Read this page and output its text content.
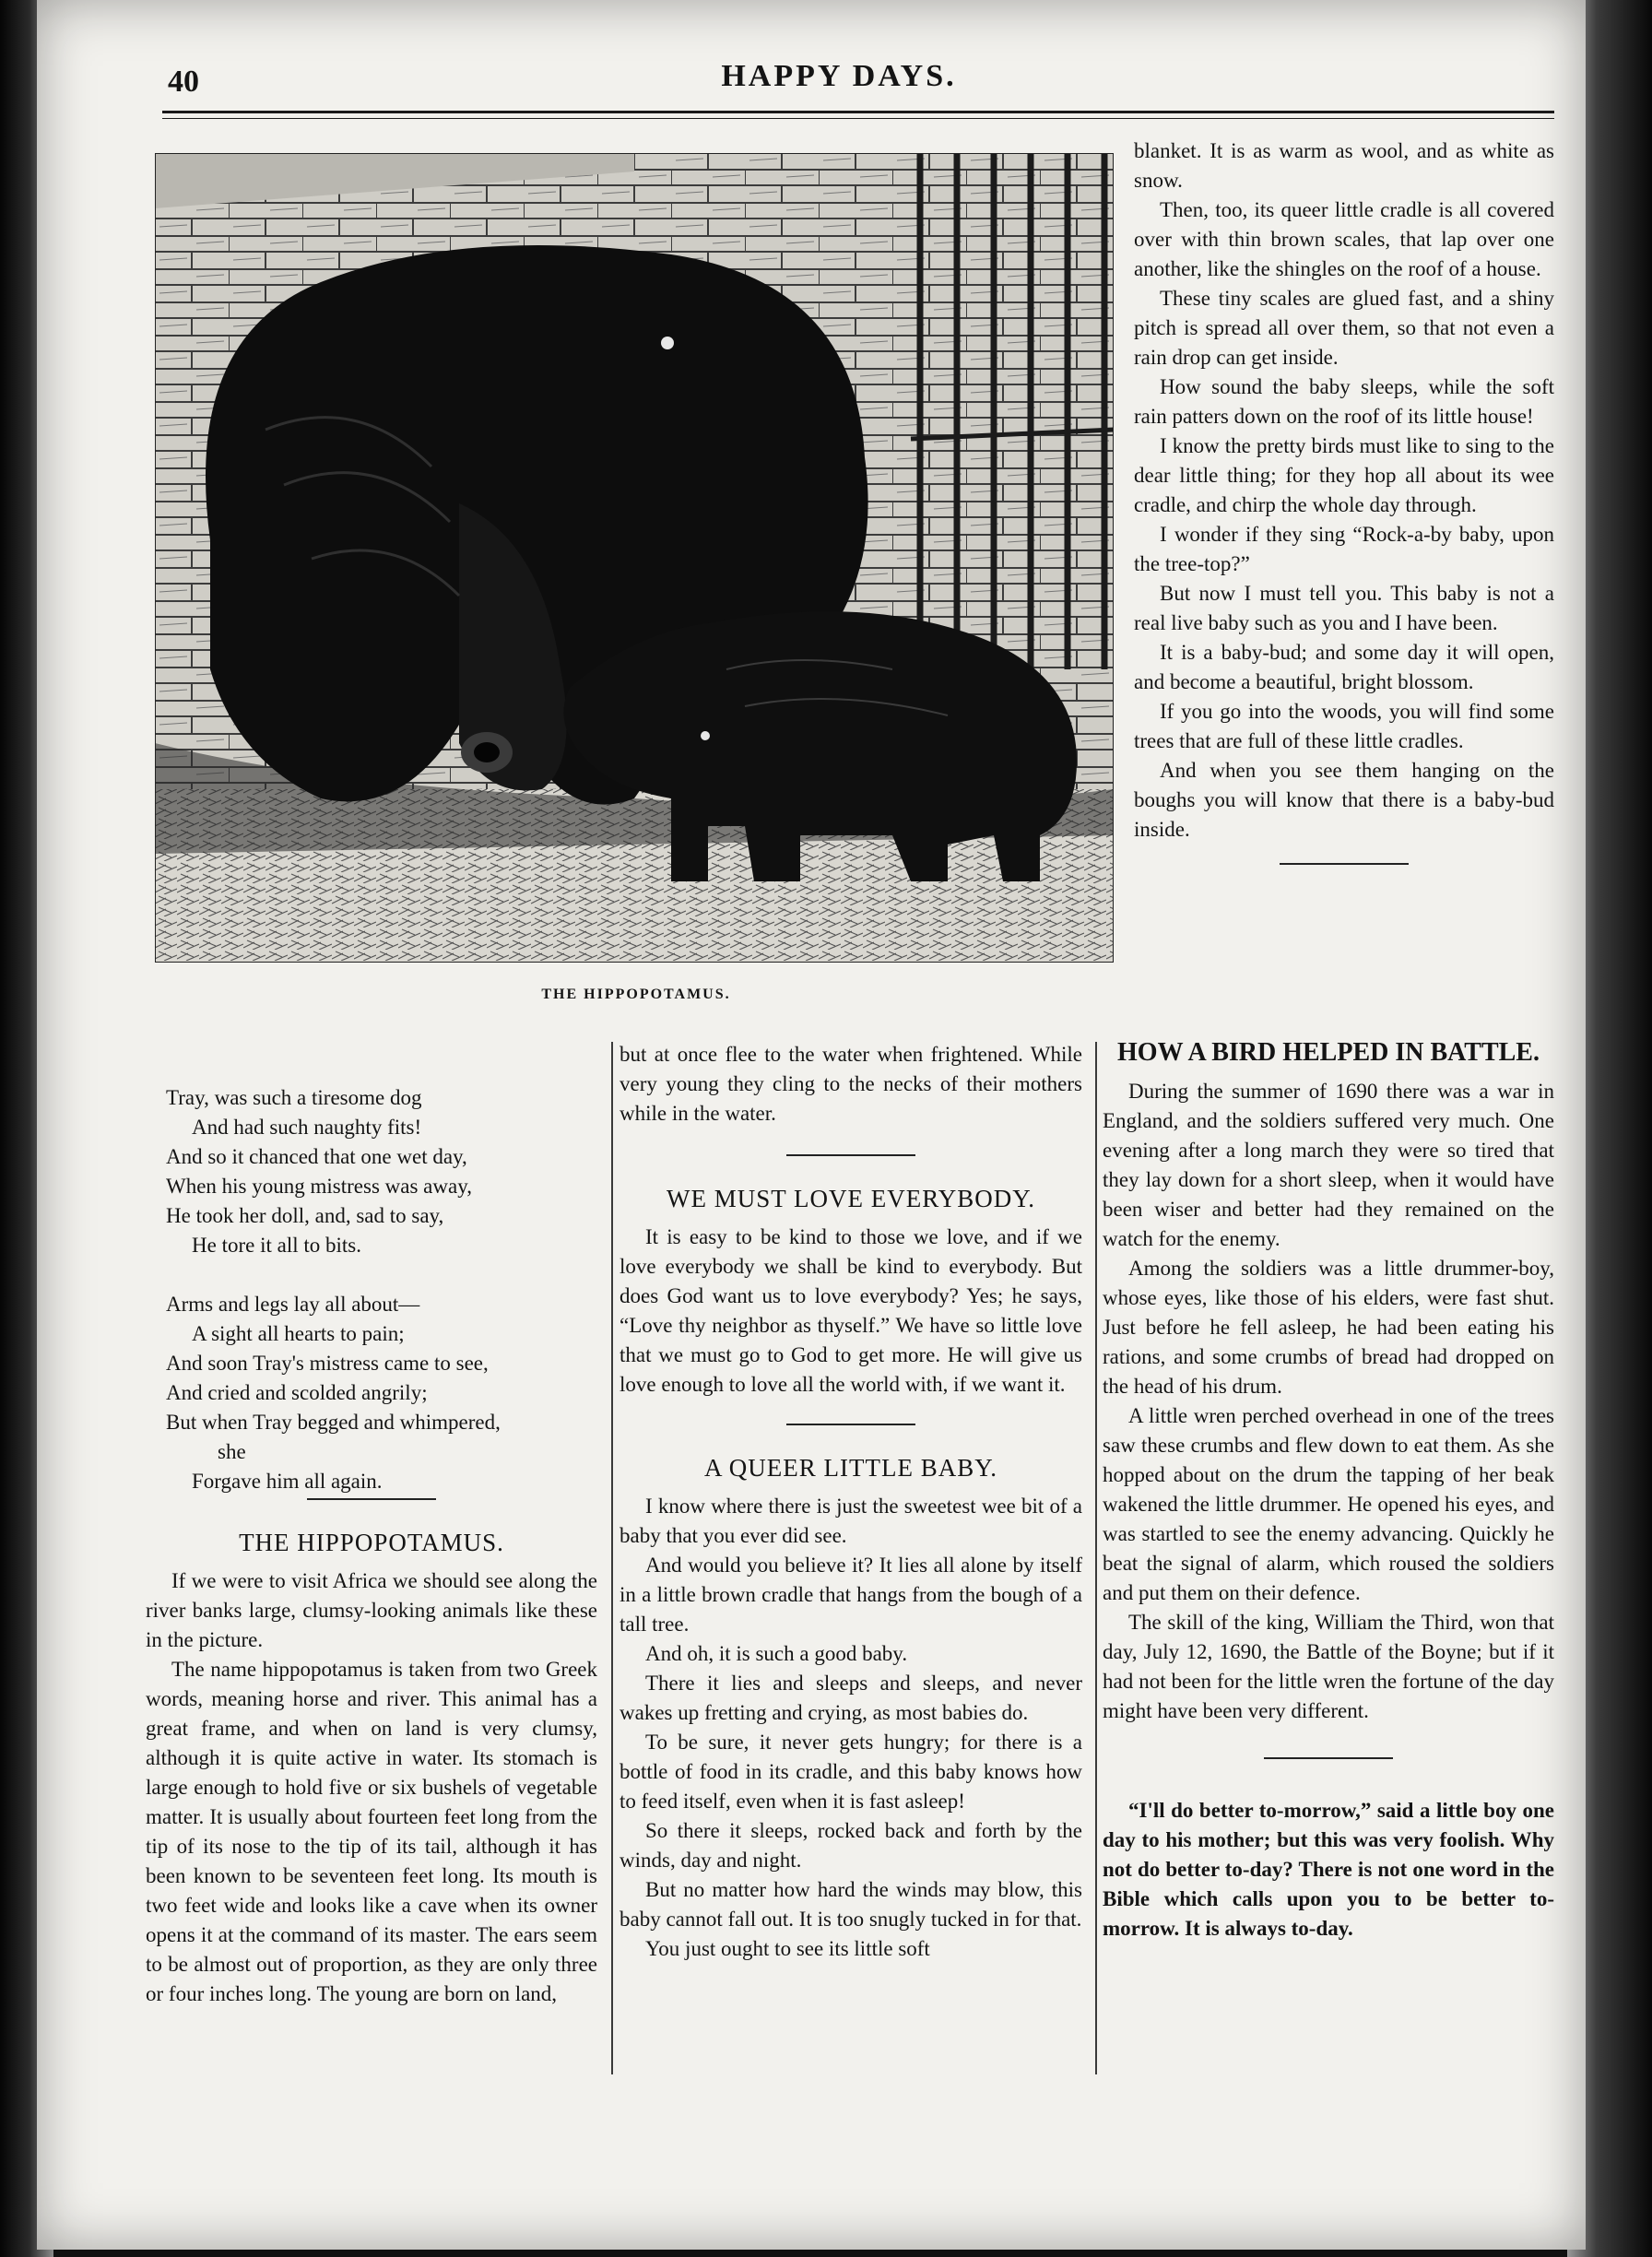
40	HAPPY DAYS.
THE HIPPOPOTAMUS.
Tray, was such a tiresome dog
And had such naughty fits!
And so it chanced that one wet day,
When his young mistress was away,
He took her doll, and, sad to say,
He tore it all to bits.
Arms and legs lay all about—
A sight all hearts to pain;
And soon Tray's mistress came to see,
And cried and scolded angrily;
But when Tray begged and whimpered,
she
Forgave him all again.
THE HIPPOPOTAMUS.

If we were to visit Africa we should see along the river banks large, clumsy-looking animals like these in the picture.

The name hippopotamus is taken from two Greek words, meaning horse and river. This animal has a great frame, and when on land is very clumsy, although it is quite active in water. Its stomach is large enough to hold five or six bushels of vegetable matter. It is usually about fourteen feet long from the tip of its nose to the tip of its tail, although it has been known to be seventeen feet long. Its mouth is two feet wide and looks like a cave when its owner opens it at the command of its master. The ears seem to be almost out of proportion, as they are only three or four inches long. The young are born on land,

but at once flee to the water when frightened. While very young they cling to the necks of their mothers while in the water.

WE MUST LOVE EVERYBODY.

It is easy to be kind to those we love, and if we love everybody we shall be kind to everybody. But does God want us to love everybody? Yes; he says, “Love thy neighbor as thyself.” We have so little love that we must go to God to get more. He will give us love enough to love all the world with, if we want it.

A QUEER LITTLE BABY.

I know where there is just the sweetest wee bit of a baby that you ever did see.

And would you believe it? It lies all alone by itself in a little brown cradle that hangs from the bough of a tall tree.

And oh, it is such a good baby.

There it lies and sleeps and sleeps, and never wakes up fretting and crying, as most babies do.

To be sure, it never gets hungry; for there is a bottle of food in its cradle, and this baby knows how to feed itself, even when it is fast asleep!

So there it sleeps, rocked back and forth by the winds, day and night.

But no matter how hard the winds may blow, this baby cannot fall out. It is too snugly tucked in for that.

You just ought to see its little soft

blanket. It is as warm as wool, and as white as snow.

Then, too, its queer little cradle is all covered over with thin brown scales, that lap over one another, like the shingles on the roof of a house.

These tiny scales are glued fast, and a shiny pitch is spread all over them, so that not even a rain drop can get inside.

How sound the baby sleeps, while the soft rain patters down on the roof of its little house!

I know the pretty birds must like to sing to the dear little thing; for they hop all about its wee cradle, and chirp the whole day through.

I wonder if they sing “Rock-a-by baby, upon the tree-top?”

But now I must tell you. This baby is not a real live baby such as you and I have been.

It is a baby-bud; and some day it will open, and become a beautiful, bright blossom.

If you go into the woods, you will find some trees that are full of these little cradles.

And when you see them hanging on the boughs you will know that there is a baby-bud inside.

HOW A BIRD HELPED IN BATTLE.

During the summer of 1690 there was a war in England, and the soldiers suffered very much. One evening after a long march they were so tired that they lay down for a short sleep, when it would have been wiser and better had they remained on the watch for the enemy.

Among the soldiers was a little drummer-boy, whose eyes, like those of his elders, were fast shut. Just before he fell asleep, he had been eating his rations, and some crumbs of bread had dropped on the head of his drum.

A little wren perched overhead in one of the trees saw these crumbs and flew down to eat them. As she hopped about on the drum the tapping of her beak wakened the little drummer. He opened his eyes, and was startled to see the enemy advancing. Quickly he beat the signal of alarm, which roused the soldiers and put them on their defence.

The skill of the king, William the Third, won that day, July 12, 1690, the Battle of the Boyne; but if it had not been for the little wren the fortune of the day might have been very different.

“I'll do better to-morrow,” said a little boy one day to his mother; but this was very foolish. Why not do better to-day? There is not one word in the Bible which calls upon you to be better to-morrow. It is always to-day.
